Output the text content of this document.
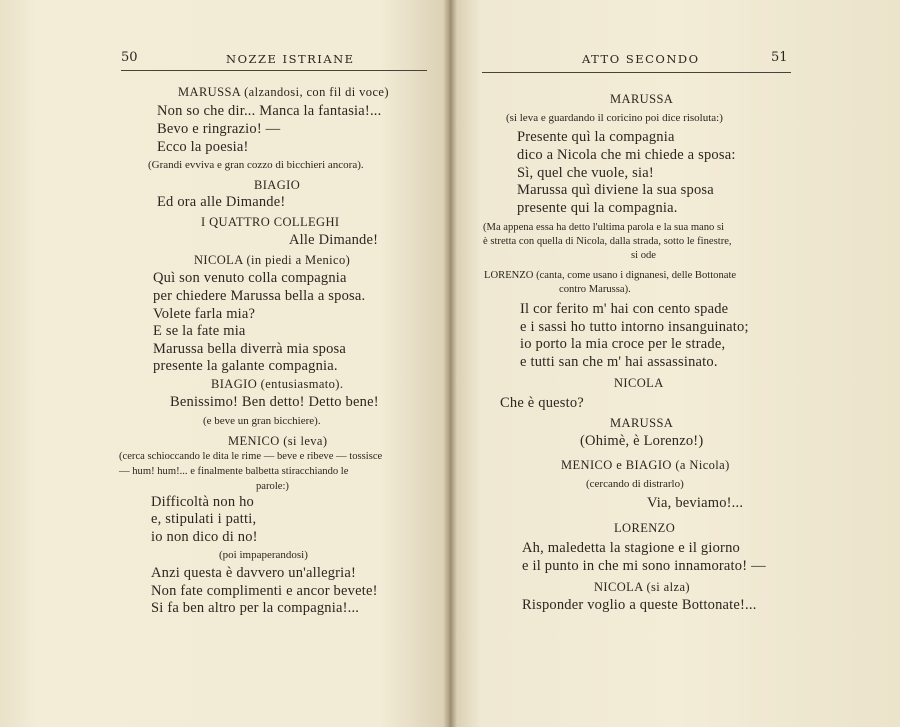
50	NOZZE ISTRIANE
MARUSSA (alzandosi, con fil di voce)
Non so che dir... Manca la fantasia!...
Bevo e ringrazio! —
Ecco la poesia!
(Grandi evviva e gran cozzo di bicchieri ancora).
BIAGIO
Ed ora alle Dimande!
I QUATTRO COLLEGHI
Alle Dimande!
NICOLA (in piedi a Menico)
Quì son venuto colla compagnia
per chiedere Marussa bella a sposa.
Volete farla mia?
E se la fate mia
Marussa bella diverrà mia sposa
presente la galante compagnia.
BIAGIO (entusiasmato).
Benissimo! Ben detto! Detto bene!
(e beve un gran bicchiere).
MENICO (si leva)
(cerca schioccando le dita le rime — beve e ribeve — tossisce
— hum! hum!... e finalmente balbetta stiracchiando le
parole:)
Difficoltà non ho
e, stipulati i patti,
io non dico di no!
(poi impaperandosi)
Anzi questa è davvero un'allegria!
Non fate complimenti e ancor bevete!
Si fa ben altro per la compagnia!...
ATTO SECONDO	51
MARUSSA
(si leva e guardando il coricino poi dice risoluta:)
Presente quì la compagnia
dico a Nicola che mi chiede a sposa:
Sì, quel che vuole, sia!
Marussa quì diviene la sua sposa
presente qui la compagnia.
(Ma appena essa ha detto l'ultima parola e la sua mano si
è stretta con quella di Nicola, dalla strada, sotto le finestre,
si ode
LORENZO (canta, come usano i dignanesi, delle Bottonate
contro Marussa).
Il cor ferito m' hai con cento spade
e i sassi ho tutto intorno insanguinato;
io porto la mia croce per le strade,
e tutti san che m' hai assassinato.
NICOLA
Che è questo?
MARUSSA
(Ohimè, è Lorenzo!)
MENICO e BIAGIO (a Nicola)
(cercando di distrarlo)
Via, beviamo!...
LORENZO
Ah, maledetta la stagione e il giorno
e il punto in che mi sono innamorato! —
NICOLA (si alza)
Risponder voglio a queste Bottonate!...
